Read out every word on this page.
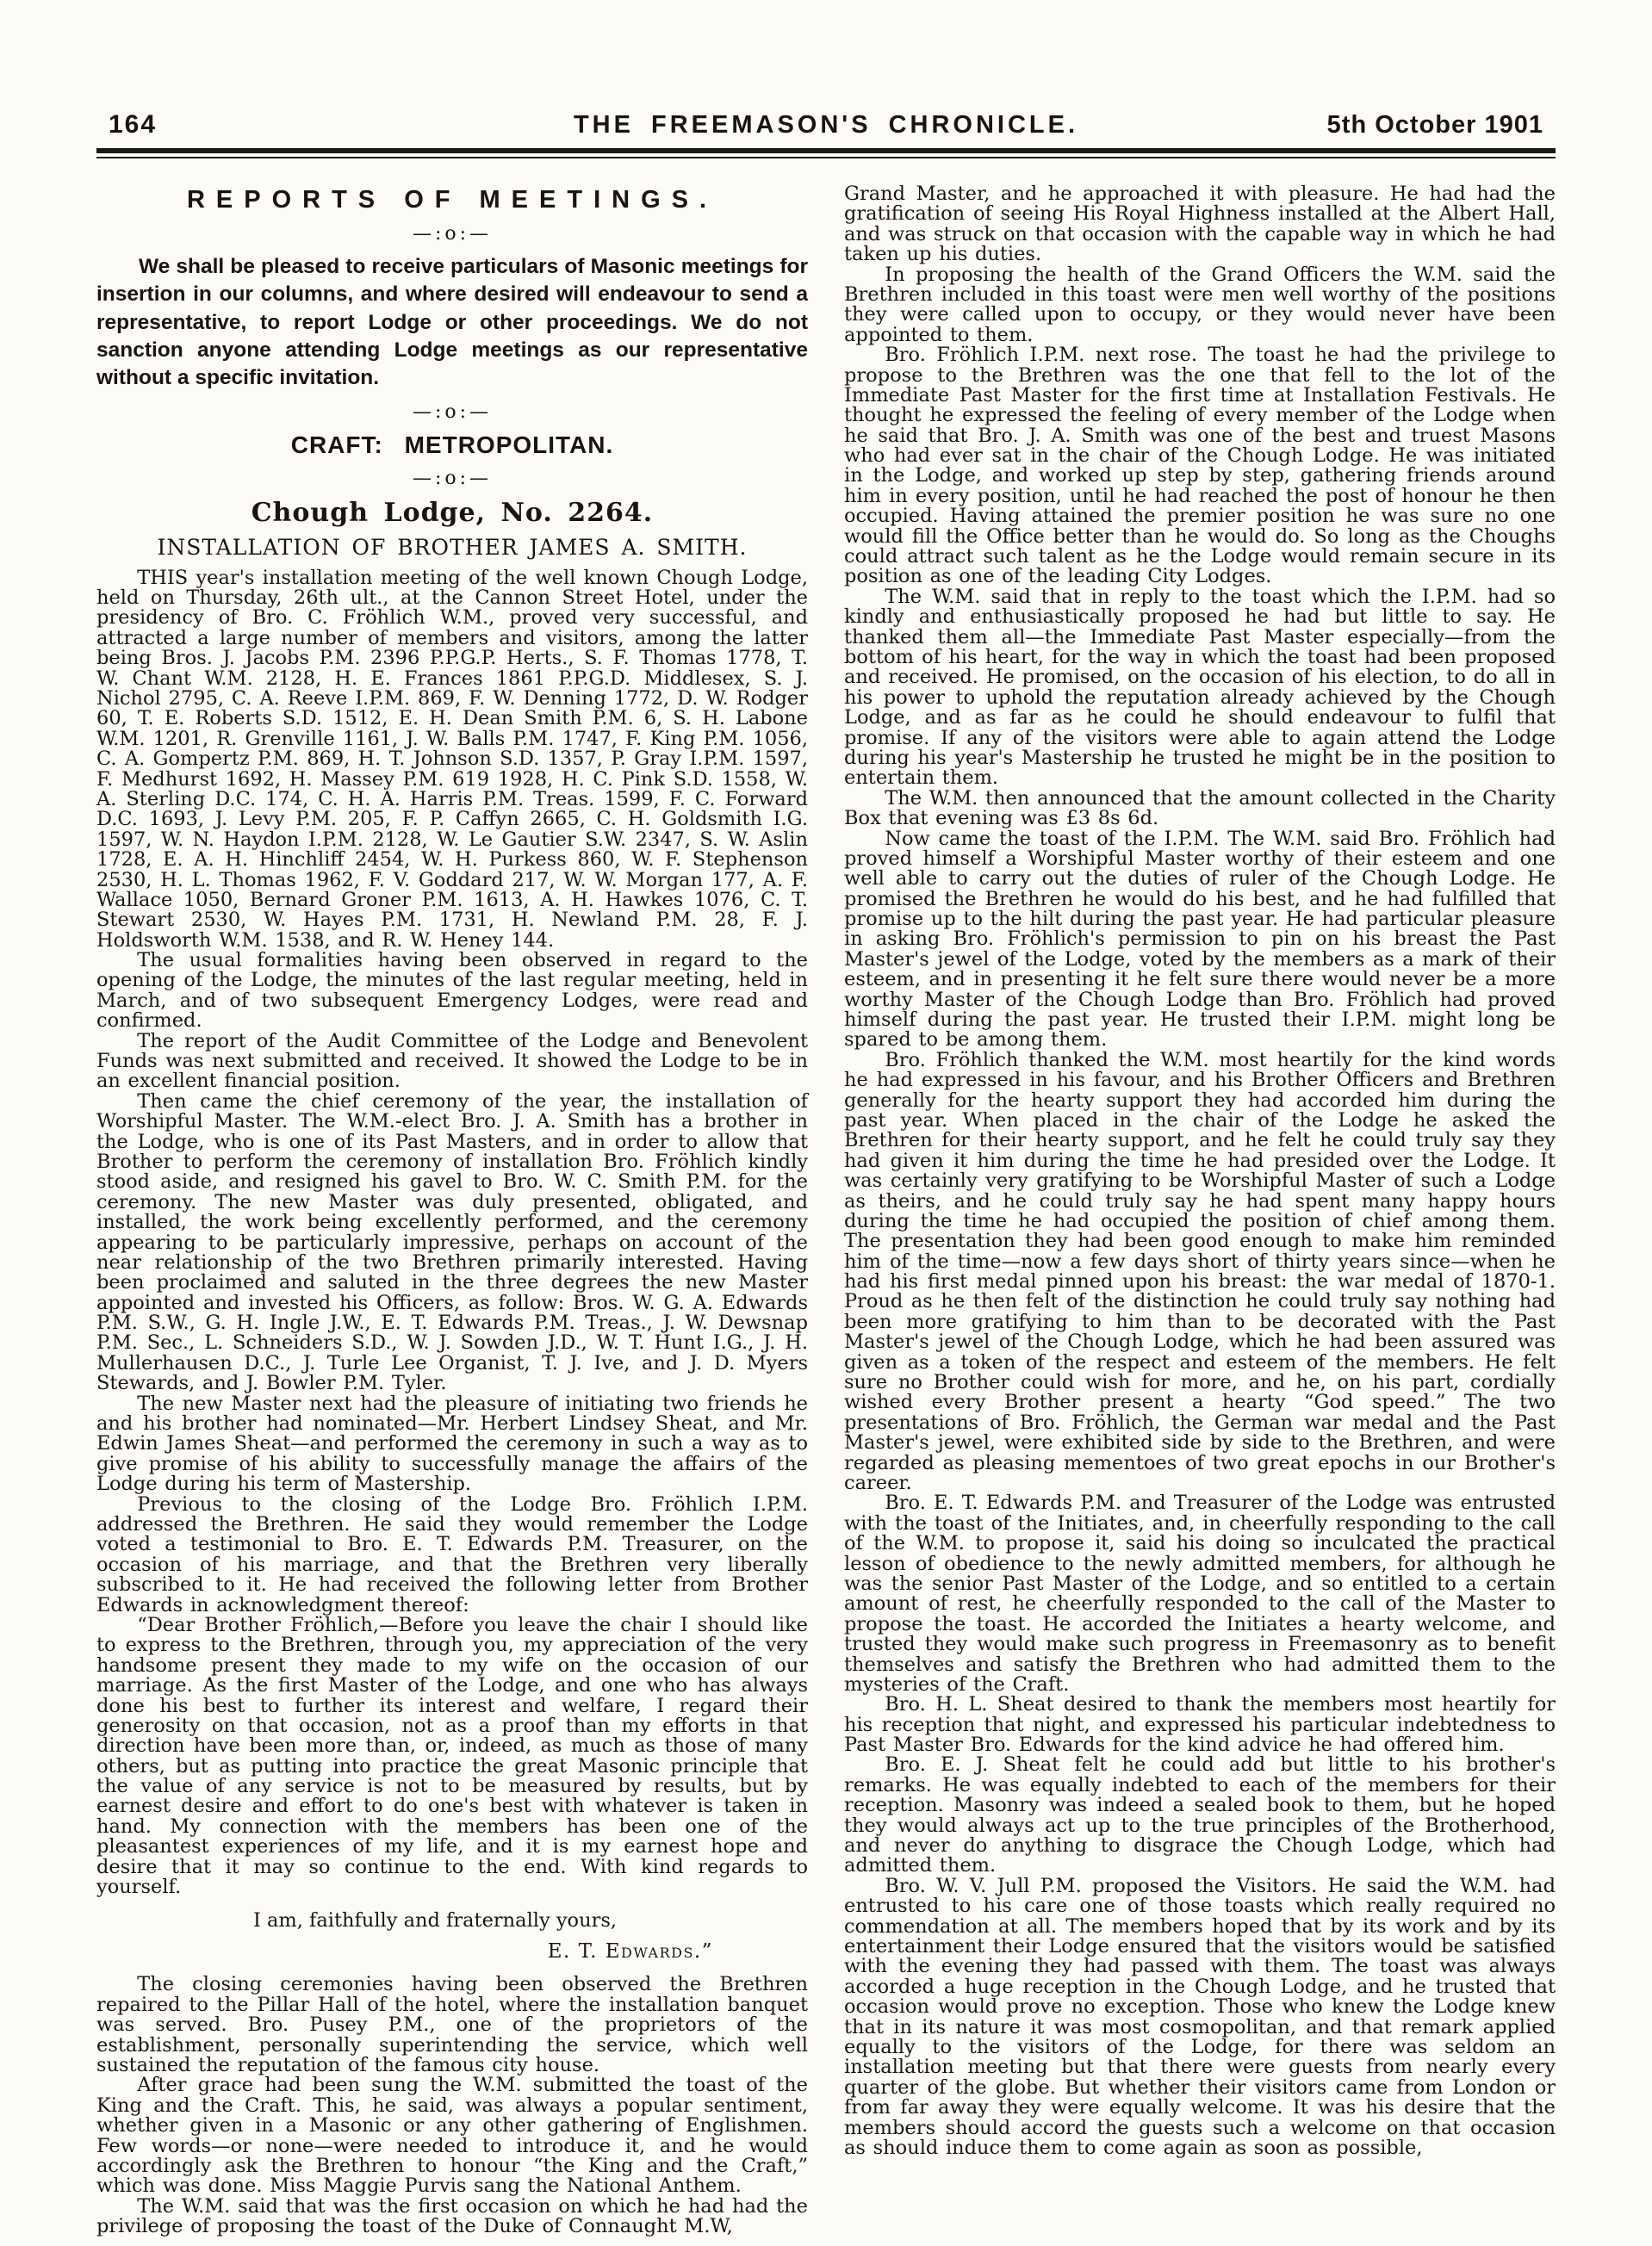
164	THE FREEMASON'S CHRONICLE.	5th October 1901
REPORTS OF MEETINGS.
—:o:—

We shall be pleased to receive particulars of Masonic meetings for insertion in our columns, and where desired will endeavour to send a representative, to report Lodge or other proceedings. We do not sanction anyone attending Lodge meetings as our representative without a specific invitation.

—:o:—
CRAFT: METROPOLITAN.
—:o:—
Chough Lodge, No. 2264.
INSTALLATION OF BROTHER JAMES A. SMITH.

THIS year's installation meeting of the well known Chough Lodge, held on Thursday, 26th ult., at the Cannon Street Hotel, under the presidency of Bro. C. Fröhlich W.M., proved very successful, and attracted a large number of members and visitors, among the latter being Bros. J. Jacobs P.M. 2396 P.P.G.P. Herts., S. F. Thomas 1778, T. W. Chant W.M. 2128, H. E. Frances 1861 P.P.G.D. Middlesex, S. J. Nichol 2795, C. A. Reeve I.P.M. 869, F. W. Denning 1772, D. W. Rodger 60, T. E. Roberts S.D. 1512, E. H. Dean Smith P.M. 6, S. H. Labone W.M. 1201, R. Grenville 1161, J. W. Balls P.M. 1747, F. King P.M. 1056, C. A. Gompertz P.M. 869, H. T. Johnson S.D. 1357, P. Gray I.P.M. 1597, F. Medhurst 1692, H. Massey P.M. 619 1928, H. C. Pink S.D. 1558, W. A. Sterling D.C. 174, C. H. A. Harris P.M. Treas. 1599, F. C. Forward D.C. 1693, J. Levy P.M. 205, F. P. Caffyn 2665, C. H. Goldsmith I.G. 1597, W. N. Haydon I.P.M. 2128, W. Le Gautier S.W. 2347, S. W. Aslin 1728, E. A. H. Hinchliff 2454, W. H. Purkess 860, W. F. Stephenson 2530, H. L. Thomas 1962, F. V. Goddard 217, W. W. Morgan 177, A. F. Wallace 1050, Bernard Groner P.M. 1613, A. H. Hawkes 1076, C. T. Stewart 2530, W. Hayes P.M. 1731, H. Newland P.M. 28, F. J. Holdsworth W.M. 1538, and R. W. Heney 144.

The usual formalities having been observed in regard to the opening of the Lodge, the minutes of the last regular meeting, held in March, and of two subsequent Emergency Lodges, were read and confirmed.

The report of the Audit Committee of the Lodge and Benevolent Funds was next submitted and received. It showed the Lodge to be in an excellent financial position.

Then came the chief ceremony of the year, the installation of Worshipful Master. The W.M.-elect Bro. J. A. Smith has a brother in the Lodge, who is one of its Past Masters, and in order to allow that Brother to perform the ceremony of installation Bro. Fröhlich kindly stood aside, and resigned his gavel to Bro. W. C. Smith P.M. for the ceremony. The new Master was duly presented, obligated, and installed, the work being excellently performed, and the ceremony appearing to be particularly impressive, perhaps on account of the near relationship of the two Brethren primarily interested. Having been proclaimed and saluted in the three degrees the new Master appointed and invested his Officers, as follow: Bros. W. G. A. Edwards P.M. S.W., G. H. Ingle J.W., E. T. Edwards P.M. Treas., J. W. Dewsnap P.M. Sec., L. Schneiders S.D., W. J. Sowden J.D., W. T. Hunt I.G., J. H. Mullerhausen D.C., J. Turle Lee Organist, T. J. Ive, and J. D. Myers Stewards, and J. Bowler P.M. Tyler.

The new Master next had the pleasure of initiating two friends he and his brother had nominated—Mr. Herbert Lindsey Sheat, and Mr. Edwin James Sheat—and performed the ceremony in such a way as to give promise of his ability to successfully manage the affairs of the Lodge during his term of Mastership.

Previous to the closing of the Lodge Bro. Fröhlich I.P.M. addressed the Brethren. He said they would remember the Lodge voted a testimonial to Bro. E. T. Edwards P.M. Treasurer, on the occasion of his marriage, and that the Brethren very liberally subscribed to it. He had received the following letter from Brother Edwards in acknowledgment thereof:

“Dear Brother Fröhlich,—Before you leave the chair I should like to express to the Brethren, through you, my appreciation of the very handsome present they made to my wife on the occasion of our marriage. As the first Master of the Lodge, and one who has always done his best to further its interest and welfare, I regard their generosity on that occasion, not as a proof than my efforts in that direction have been more than, or, indeed, as much as those of many others, but as putting into practice the great Masonic principle that the value of any service is not to be measured by results, but by earnest desire and effort to do one's best with whatever is taken in hand. My connection with the members has been one of the pleasantest experiences of my life, and it is my earnest hope and desire that it may so continue to the end. With kind regards to yourself.

I am, faithfully and fraternally yours,

E. T. Edwards.”

The closing ceremonies having been observed the Brethren repaired to the Pillar Hall of the hotel, where the installation banquet was served. Bro. Pusey P.M., one of the proprietors of the establishment, personally superintending the service, which well sustained the reputation of the famous city house.

After grace had been sung the W.M. submitted the toast of the King and the Craft. This, he said, was always a popular sentiment, whether given in a Masonic or any other gathering of Englishmen. Few words—or none—were needed to introduce it, and he would accordingly ask the Brethren to honour “the King and the Craft,” which was done. Miss Maggie Purvis sang the National Anthem.

The W.M. said that was the first occasion on which he had had the privilege of proposing the toast of the Duke of Connaught M.W,

Grand Master, and he approached it with pleasure. He had had the gratification of seeing His Royal Highness installed at the Albert Hall, and was struck on that occasion with the capable way in which he had taken up his duties.

In proposing the health of the Grand Officers the W.M. said the Brethren included in this toast were men well worthy of the positions they were called upon to occupy, or they would never have been appointed to them.

Bro. Fröhlich I.P.M. next rose. The toast he had the privilege to propose to the Brethren was the one that fell to the lot of the Immediate Past Master for the first time at Installation Festivals. He thought he expressed the feeling of every member of the Lodge when he said that Bro. J. A. Smith was one of the best and truest Masons who had ever sat in the chair of the Chough Lodge. He was initiated in the Lodge, and worked up step by step, gathering friends around him in every position, until he had reached the post of honour he then occupied. Having attained the premier position he was sure no one would fill the Office better than he would do. So long as the Choughs could attract such talent as he the Lodge would remain secure in its position as one of the leading City Lodges.

The W.M. said that in reply to the toast which the I.P.M. had so kindly and enthusiastically proposed he had but little to say. He thanked them all—the Immediate Past Master especially—from the bottom of his heart, for the way in which the toast had been proposed and received. He promised, on the occasion of his election, to do all in his power to uphold the reputation already achieved by the Chough Lodge, and as far as he could he should endeavour to fulfil that promise. If any of the visitors were able to again attend the Lodge during his year's Mastership he trusted he might be in the position to entertain them.

The W.M. then announced that the amount collected in the Charity Box that evening was £3 8s 6d.

Now came the toast of the I.P.M. The W.M. said Bro. Fröhlich had proved himself a Worshipful Master worthy of their esteem and one well able to carry out the duties of ruler of the Chough Lodge. He promised the Brethren he would do his best, and he had fulfilled that promise up to the hilt during the past year. He had particular pleasure in asking Bro. Fröhlich's permission to pin on his breast the Past Master's jewel of the Lodge, voted by the members as a mark of their esteem, and in presenting it he felt sure there would never be a more worthy Master of the Chough Lodge than Bro. Fröhlich had proved himself during the past year. He trusted their I.P.M. might long be spared to be among them.

Bro. Fröhlich thanked the W.M. most heartily for the kind words he had expressed in his favour, and his Brother Officers and Brethren generally for the hearty support they had accorded him during the past year. When placed in the chair of the Lodge he asked the Brethren for their hearty support, and he felt he could truly say they had given it him during the time he had presided over the Lodge. It was certainly very gratifying to be Worshipful Master of such a Lodge as theirs, and he could truly say he had spent many happy hours during the time he had occupied the position of chief among them. The presentation they had been good enough to make him reminded him of the time—now a few days short of thirty years since—when he had his first medal pinned upon his breast: the war medal of 1870-1. Proud as he then felt of the distinction he could truly say nothing had been more gratifying to him than to be decorated with the Past Master's jewel of the Chough Lodge, which he had been assured was given as a token of the respect and esteem of the members. He felt sure no Brother could wish for more, and he, on his part, cordially wished every Brother present a hearty “God speed.” The two presentations of Bro. Fröhlich, the German war medal and the Past Master's jewel, were exhibited side by side to the Brethren, and were regarded as pleasing mementoes of two great epochs in our Brother's career.

Bro. E. T. Edwards P.M. and Treasurer of the Lodge was entrusted with the toast of the Initiates, and, in cheerfully responding to the call of the W.M. to propose it, said his doing so inculcated the practical lesson of obedience to the newly admitted members, for although he was the senior Past Master of the Lodge, and so entitled to a certain amount of rest, he cheerfully responded to the call of the Master to propose the toast. He accorded the Initiates a hearty welcome, and trusted they would make such progress in Freemasonry as to benefit themselves and satisfy the Brethren who had admitted them to the mysteries of the Craft.

Bro. H. L. Sheat desired to thank the members most heartily for his reception that night, and expressed his particular indebtedness to Past Master Bro. Edwards for the kind advice he had offered him.

Bro. E. J. Sheat felt he could add but little to his brother's remarks. He was equally indebted to each of the members for their reception. Masonry was indeed a sealed book to them, but he hoped they would always act up to the true principles of the Brotherhood, and never do anything to disgrace the Chough Lodge, which had admitted them.

Bro. W. V. Jull P.M. proposed the Visitors. He said the W.M. had entrusted to his care one of those toasts which really required no commendation at all. The members hoped that by its work and by its entertainment their Lodge ensured that the visitors would be satisfied with the evening they had passed with them. The toast was always accorded a huge reception in the Chough Lodge, and he trusted that occasion would prove no exception. Those who knew the Lodge knew that in its nature it was most cosmopolitan, and that remark applied equally to the visitors of the Lodge, for there was seldom an installation meeting but that there were guests from nearly every quarter of the globe. But whether their visitors came from London or from far away they were equally welcome. It was his desire that the members should accord the guests such a welcome on that occasion as should induce them to come again as soon as possible,
